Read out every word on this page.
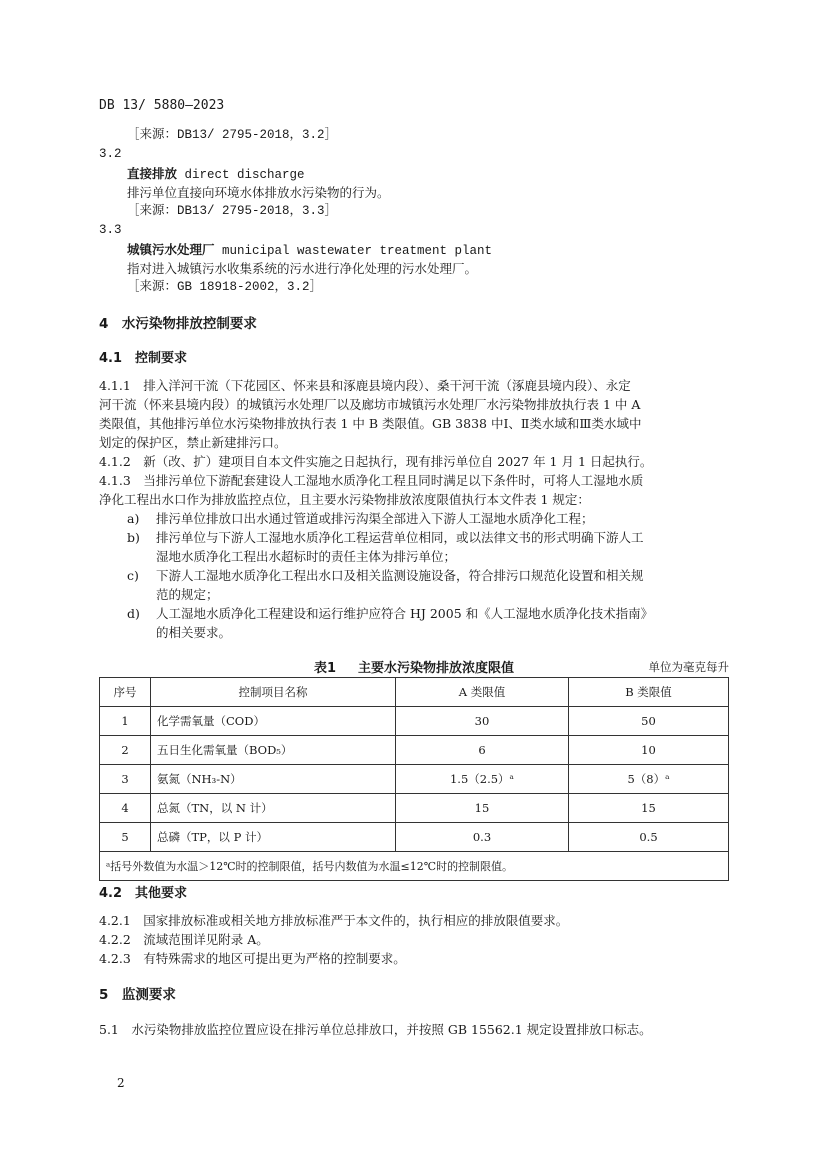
DB 13/ 5880—2023
［来源：DB13/ 2795-2018，3.2］
3.2
直接排放 direct discharge
排污单位直接向环境水体排放水污染物的行为。
［来源：DB13/ 2795-2018，3.3］
3.3
城镇污水处理厂 municipal wastewater treatment plant
指对进入城镇污水收集系统的污水进行净化处理的污水处理厂。
［来源：GB 18918-2002，3.2］
4　水污染物排放控制要求
4.1　控制要求
4.1.1　排入洋河干流（下花园区、怀来县和涿鹿县境内段）、桑干河干流（涿鹿县境内段）、永定
河干流（怀来县境内段）的城镇污水处理厂以及廊坊市城镇污水处理厂水污染物排放执行表 1 中 A
类限值，其他排污单位水污染物排放执行表 1 中 B 类限值。GB 3838 中Ⅰ、Ⅱ类水域和Ⅲ类水域中
划定的保护区，禁止新建排污口。
4.1.2　新（改、扩）建项目自本文件实施之日起执行，现有排污单位自 2027 年 1 月 1 日起执行。
4.1.3　当排污单位下游配套建设人工湿地水质净化工程且同时满足以下条件时，可将人工湿地水质
净化工程出水口作为排放监控点位，且主要水污染物排放浓度限值执行本文件表 1 规定：
a) 排污单位排放口出水通过管道或排污沟渠全部进入下游人工湿地水质净化工程；
b) 排污单位与下游人工湿地水质净化工程运营单位相同，或以法律文书的形式明确下游人工
湿地水质净化工程出水超标时的责任主体为排污单位；
c) 下游人工湿地水质净化工程出水口及相关监测设施设备，符合排污口规范化设置和相关规
范的规定；
d) 人工湿地水质净化工程建设和运行维护应符合 HJ 2005 和《人工湿地水质净化技术指南》
的相关要求。
表1 主要水污染物排放浓度限值	单位为毫克每升
序号	控制项目名称	A 类限值	B 类限值
1	化学需氧量（COD）	30	50
2	五日生化需氧量（BOD₅）	6	10
3	氨氮（NH₃-N）	1.5（2.5）ᵃ	5（8）ᵃ
4	总氮（TN，以 N 计）	15	15
5	总磷（TP，以 P 计）	0.3	0.5
ᵃ括号外数值为水温＞12℃时的控制限值，括号内数值为水温≤12℃时的控制限值。			
4.2　其他要求
4.2.1　国家排放标准或相关地方排放标准严于本文件的，执行相应的排放限值要求。
4.2.2　流域范围详见附录 A。
4.2.3　有特殊需求的地区可提出更为严格的控制要求。
5　监测要求
5.1　水污染物排放监控位置应设在排污单位总排放口，并按照 GB 15562.1 规定设置排放口标志。
2
